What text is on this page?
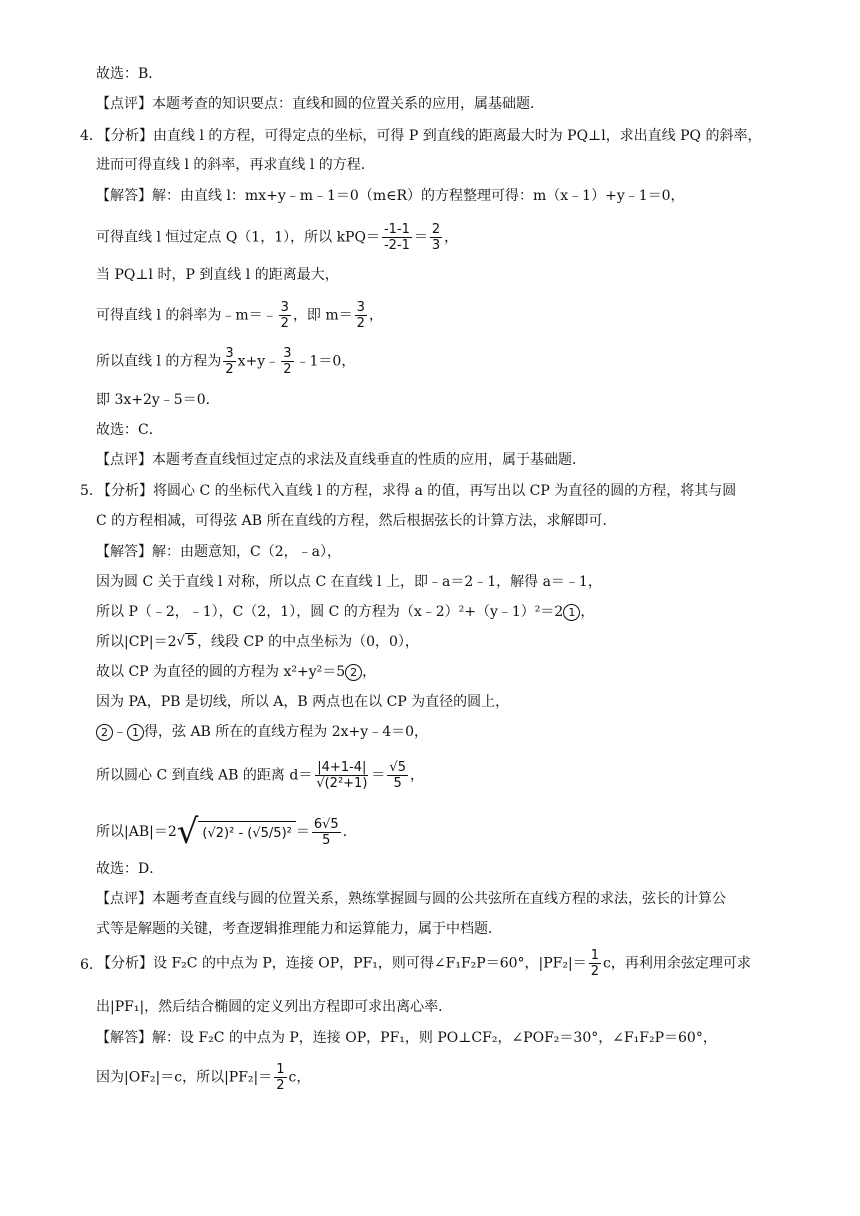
故选：B．
【点评】本题考查的知识要点：直线和圆的位置关系的应用，属基础题．
4．
【分析】由直线 l 的方程，可得定点的坐标，可得 P 到直线的距离最大时为 PQ⊥l，求出直线 PQ 的斜率，
进而可得直线 l 的斜率，再求直线 l 的方程．
【解答】解：由直线 l：mx+y﹣m﹣1＝0（m∈R）的方程整理可得：m（x﹣1）+y﹣1＝0，
可得直线 l 恒过定点 Q（1，1），所以 $kPQ= \frac{-1-1}{-2-1} = \frac{2}{3}$ ，
当 PQ⊥l 时，P 到直线 l 的距离最大，
可得直线 l 的斜率为﹣m＝﹣ $\frac{3}{2}$ ，即 $m= \frac{3}{2}$ ，
所以直线 l 的方程为 $\frac{3}{2}$ x+y﹣ $\frac{3}{2}$ ﹣1＝0，
即 3x+2y﹣5＝0．
故选：C．
【点评】本题考查直线恒过定点的求法及直线垂直的性质的应用，属于基础题．
5．
【分析】将圆心 C 的坐标代入直线 l 的方程，求得 a 的值，再写出以 CP 为直径的圆的方程，将其与圆
C 的方程相减，可得弦 AB 所在直线的方程，然后根据弦长的计算方法，求解即可．
【解答】解：由题意知，C（2，﹣a），
因为圆 C 关于直线 l 对称，所以点 C 在直线 l 上，即﹣a＝2﹣1，解得 a＝﹣1，
所以 P（﹣2，﹣1），C（2，1），圆 C 的方程为（x﹣2）²+（y﹣1）²＝2 1 ，
所以|CP|＝2√ 5 ，线段 CP 的中点坐标为（0，0），
故以 CP 为直径的圆的方程为 x²+y²＝5 2 ，
因为 PA，PB 是切线，所以 A，B 两点也在以 CP 为直径的圆上，
2 ﹣ 1 得，弦 AB 所在的直线方程为 2x+y﹣4＝0，
所以圆心 C 到直线 AB 的距离 $d= \frac{|4+1-4|}{\text{√(2²+1)}} = \frac{√5}{5}$ ，
所以|AB|＝2 √ $(√2)^2 - (√5/5)^2 = \frac{6√5}{5}$ ．
故选：D．
【点评】本题考查直线与圆的位置关系，熟练掌握圆与圆的公共弦所在直线方程的求法，弦长的计算公
式等是解题的关键，考查逻辑推理能力和运算能力，属于中档题．
6．
【分析】设 F₂C 的中点为 P，连接 OP，PF₁，则可得∠F₁F₂P＝60°，$|PF_2|= \frac{1}{2}$ c，再利用余弦定理可求
出|PF₁|，然后结合椭圆的定义列出方程即可求出离心率．
【解答】解：设 F₂C 的中点为 P，连接 OP，PF₁，则 PO⊥CF₂，∠POF₂＝30°，∠F₁F₂P＝60°，
因为|OF₂|＝c，所以$|PF_2|= \frac{1}{2}$ c，
